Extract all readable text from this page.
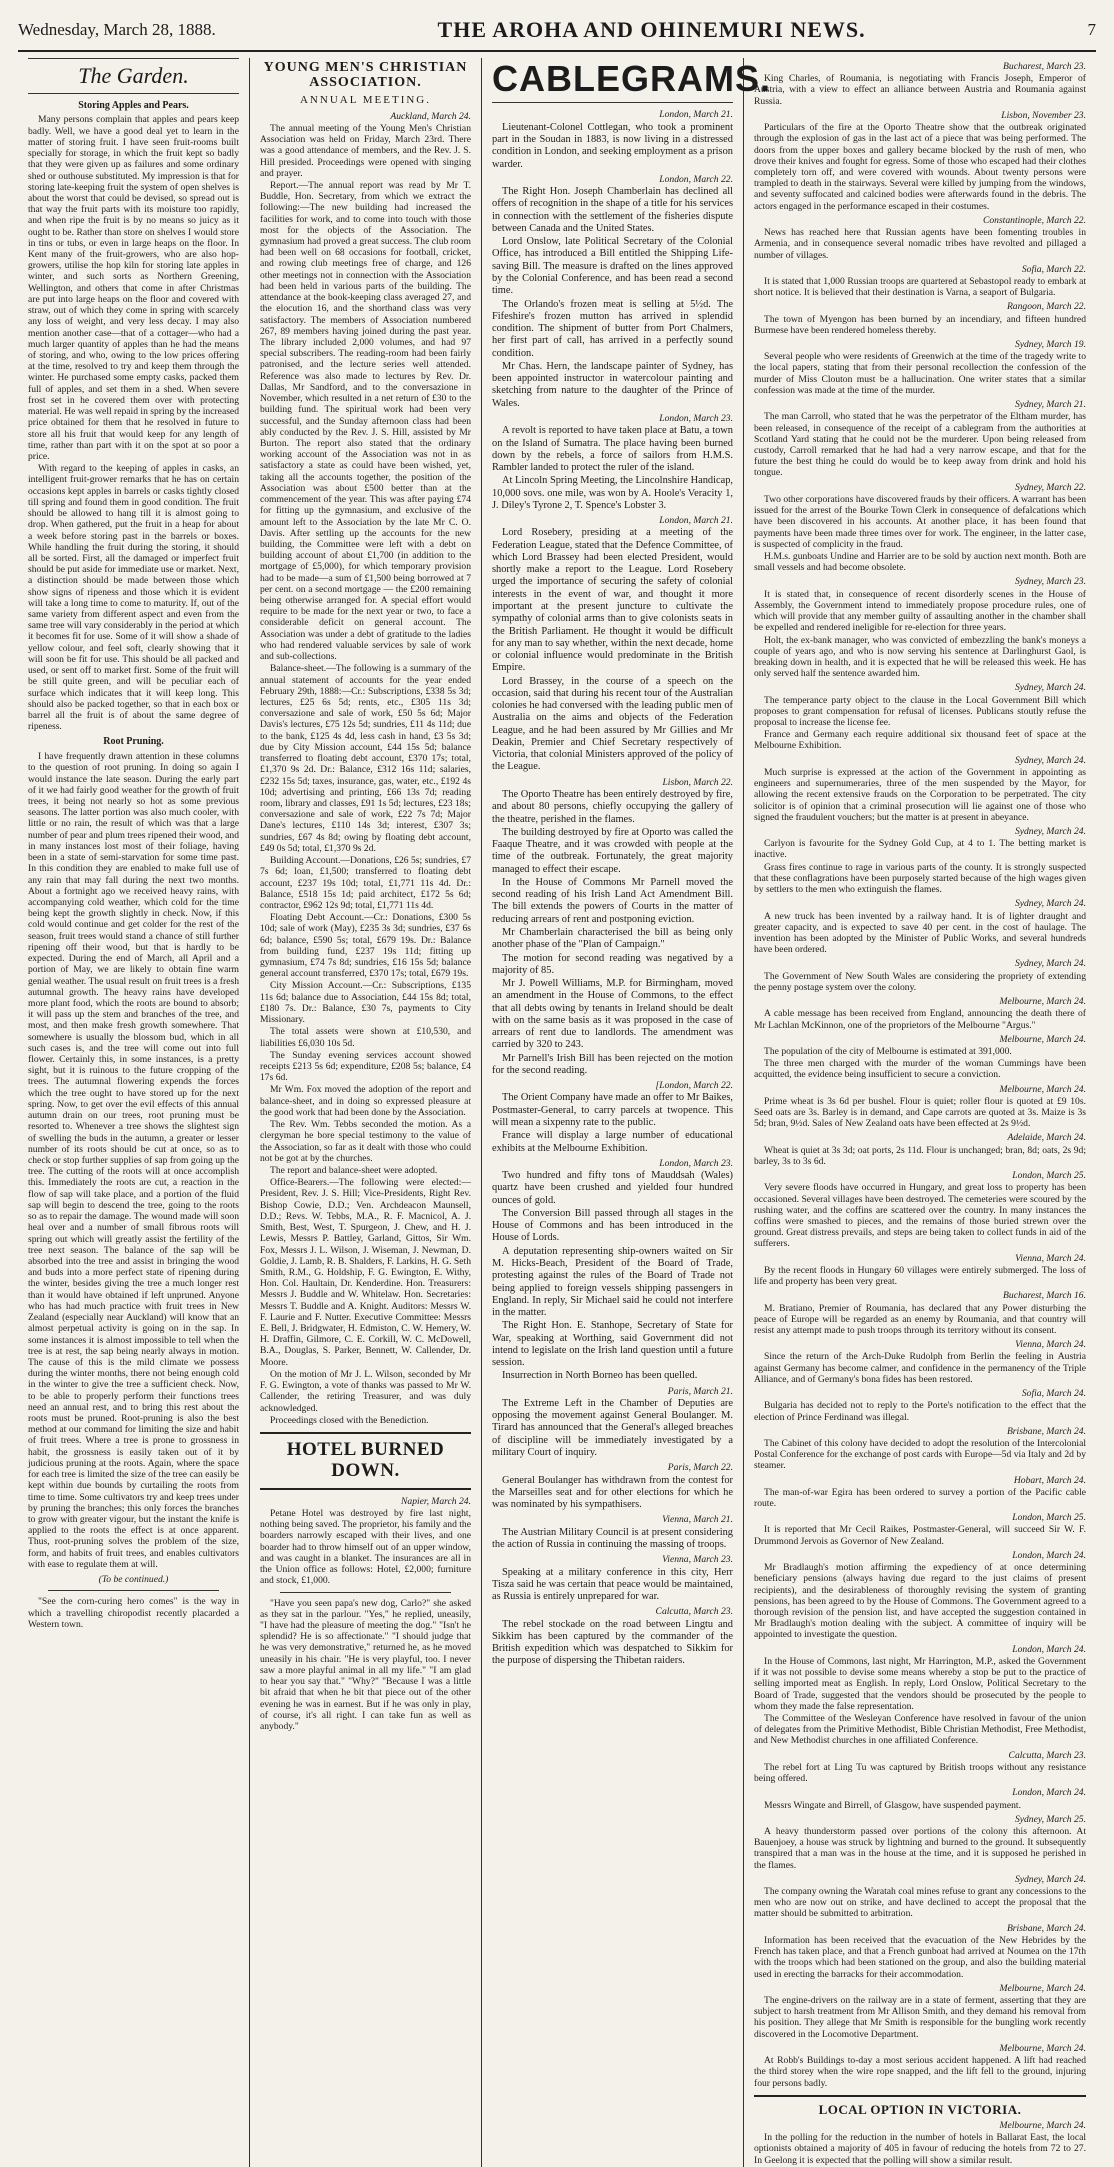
Wednesday, March 28, 1888.	THE AROHA AND OHINEMURI NEWS.	7
The Garden.
Storing Apples and Pears.

Many persons complain that apples and pears keep badly. Well, we have a good deal yet to learn in the matter of storing fruit. I have seen fruit-rooms built specially for storage, in which the fruit kept so badly that they were given up as failures and some ordinary shed or outhouse substituted. My impression is that for storing late-keeping fruit the system of open shelves is about the worst that could be devised, so spread out is that way the fruit parts with its moisture too rapidly, and when ripe the fruit is by no means so juicy as it ought to be. Rather than store on shelves I would store in tins or tubs, or even in large heaps on the floor. In Kent many of the fruit-growers, who are also hop-growers, utilise the hop kiln for storing late apples in winter, and such sorts as Northern Greening, Wellington, and others that come in after Christmas are put into large heaps on the floor and covered with straw, out of which they come in spring with scarcely any loss of weight, and very less decay. I may also mention another case—that of a cottager—who had a much larger quantity of apples than he had the means of storing, and who, owing to the low prices offering at the time, resolved to try and keep them through the winter. He purchased some empty casks, packed them full of apples, and set them in a shed. When severe frost set in he covered them over with protecting material. He was well repaid in spring by the increased price obtained for them that he resolved in future to store all his fruit that would keep for any length of time, rather than part with it on the spot at so poor a price.

With regard to the keeping of apples in casks, an intelligent fruit-grower remarks that he has on certain occasions kept apples in barrels or casks tightly closed till spring and found them in good condition. The fruit should be allowed to hang till it is almost going to drop. When gathered, put the fruit in a heap for about a week before storing past in the barrels or boxes. While handling the fruit during the storing, it should all be sorted. First, all the damaged or imperfect fruit should be put aside for immediate use or market. Next, a distinction should be made between those which show signs of ripeness and those which it is evident will take a long time to come to maturity. If, out of the same variety from different aspect and even from the same tree will vary considerably in the period at which it becomes fit for use. Some of it will show a shade of yellow colour, and feel soft, clearly showing that it will soon be fit for use. This should be all packed and used, or sent off to market first. Some of the fruit will be still quite green, and will be peculiar each of surface which indicates that it will keep long. This should also be packed together, so that in each box or barrel all the fruit is of about the same degree of ripeness.

Root Pruning.

I have frequently drawn attention in these columns to the question of root pruning. In doing so again I would instance the late season. During the early part of it we had fairly good weather for the growth of fruit trees, it being not nearly so hot as some previous seasons. The latter portion was also much cooler, with little or no rain, the result of which was that a large number of pear and plum trees ripened their wood, and in many instances lost most of their foliage, having been in a state of semi-starvation for some time past. In this condition they are enabled to make full use of any rain that may fall during the next two months. About a fortnight ago we received heavy rains, with accompanying cold weather, which cold for the time being kept the growth slightly in check. Now, if this cold would continue and get colder for the rest of the season, fruit trees would stand a chance of still further ripening off their wood, but that is hardly to be expected. During the end of March, all April and a portion of May, we are likely to obtain fine warm genial weather. The usual result on fruit trees is a fresh autumnal growth. The heavy rains have developed more plant food, which the roots are bound to absorb; it will pass up the stem and branches of the tree, and most, and then make fresh growth somewhere. That somewhere is usually the blossom bud, which in all such cases is, and the tree will come out into full flower. Certainly this, in some instances, is a pretty sight, but it is ruinous to the future cropping of the trees. The autumnal flowering expends the forces which the tree ought to have stored up for the next spring. Now, to get over the evil effects of this annual autumn drain on our trees, root pruning must be resorted to. Whenever a tree shows the slightest sign of swelling the buds in the autumn, a greater or lesser number of its roots should be cut at once, so as to check or stop further supplies of sap from going up the tree. The cutting of the roots will at once accomplish this. Immediately the roots are cut, a reaction in the flow of sap will take place, and a portion of the fluid sap will begin to descend the tree, going to the roots so as to repair the damage. The wound made will soon heal over and a number of small fibrous roots will spring out which will greatly assist the fertility of the tree next season. The balance of the sap will be absorbed into the tree and assist in bringing the wood and buds into a more perfect state of ripening during the winter, besides giving the tree a much longer rest than it would have obtained if left unpruned. Anyone who has had much practice with fruit trees in New Zealand (especially near Auckland) will know that an almost perpetual activity is going on in the sap. In some instances it is almost impossible to tell when the tree is at rest, the sap being nearly always in motion. The cause of this is the mild climate we possess during the winter months, there not being enough cold in the winter to give the tree a sufficient check. Now, to be able to properly perform their functions trees need an annual rest, and to bring this rest about the roots must be pruned. Root-pruning is also the best method at our command for limiting the size and habit of fruit trees. Where a tree is prone to grossness in habit, the grossness is easily taken out of it by judicious pruning at the roots. Again, where the space for each tree is limited the size of the tree can easily be kept within due bounds by curtailing the roots from time to time. Some cultivators try and keep trees under by pruning the branches; this only forces the branches to grow with greater vigour, but the instant the knife is applied to the roots the effect is at once apparent. Thus, root-pruning solves the problem of the size, form, and habits of fruit trees, and enables cultivators with ease to regulate them at will.

(To be continued.)

"See the corn-curing hero comes" is the way in which a travelling chiropodist recently placarded a Western town.

YOUNG MEN'S CHRISTIAN ASSOCIATION.
ANNUAL MEETING.
Auckland, March 24.

The annual meeting of the Young Men's Christian Association was held on Friday, March 23rd. There was a good attendance of members, and the Rev. J. S. Hill presided. Proceedings were opened with singing and prayer.

Report.—The annual report was read by Mr T. Buddle, Hon. Secretary, from which we extract the following:—The new building had increased the facilities for work, and to come into touch with those most for the objects of the Association. The gymnasium had proved a great success. The club room had been well on 68 occasions for football, cricket, and rowing club meetings free of charge, and 126 other meetings not in connection with the Association had been held in various parts of the building. The attendance at the book-keeping class averaged 27, and the elocution 16, and the shorthand class was very satisfactory. The members of Association numbered 267, 89 members having joined during the past year. The library included 2,000 volumes, and had 97 special subscribers. The reading-room had been fairly patronised, and the lecture series well attended. Reference was also made to lectures by Rev. Dr. Dallas, Mr Sandford, and to the conversazione in November, which resulted in a net return of £30 to the building fund. The spiritual work had been very successful, and the Sunday afternoon class had been ably conducted by the Rev. J. S. Hill, assisted by Mr Burton. The report also stated that the ordinary working account of the Association was not in as satisfactory a state as could have been wished, yet, taking all the accounts together, the position of the Association was about £500 better than at the commencement of the year. This was after paying £74 for fitting up the gymnasium, and exclusive of the amount left to the Association by the late Mr C. O. Davis. After settling up the accounts for the new building, the Committee were left with a debt on building account of about £1,700 (in addition to the mortgage of £5,000), for which temporary provision had to be made—a sum of £1,500 being borrowed at 7 per cent. on a second mortgage — the £200 remaining being otherwise arranged for. A special effort would require to be made for the next year or two, to face a considerable deficit on general account. The Association was under a debt of gratitude to the ladies who had rendered valuable services by sale of work and sub-collections.

Balance-sheet.—The following is a summary of the annual statement of accounts for the year ended February 29th, 1888:—Cr.: Subscriptions, £338 5s 3d; lectures, £25 6s 5d; rents, etc., £305 11s 3d; conversazione and sale of work, £50 5s 6d; Major Davis's lectures, £75 12s 5d; sundries, £11 4s 11d; due to the bank, £125 4s 4d, less cash in hand, £3 5s 3d; due by City Mission account, £44 15s 5d; balance transferred to floating debt account, £370 17s; total, £1,370 9s 2d. Dr.: Balance, £312 16s 11d; salaries, £232 15s 5d; taxes, insurance, gas, water, etc., £192 4s 10d; advertising and printing, £66 13s 7d; reading room, library and classes, £91 1s 5d; lectures, £23 18s; conversazione and sale of work, £22 7s 7d; Major Dane's lectures, £110 14s 3d; interest, £307 3s; sundries, £67 4s 8d; owing by floating debt account, £49 0s 5d; total, £1,370 9s 2d.

Building Account.—Donations, £26 5s; sundries, £7 7s 6d; loan, £1,500; transferred to floating debt account, £237 19s 10d; total, £1,771 11s 4d. Dr.: Balance, £518 15s 1d; paid architect, £172 5s 6d; contractor, £962 12s 9d; total, £1,771 11s 4d.

Floating Debt Account.—Cr.: Donations, £300 5s 10d; sale of work (May), £235 3s 3d; sundries, £37 6s 6d; balance, £590 5s; total, £679 19s. Dr.: Balance from building fund, £237 19s 11d; fitting up gymnasium, £74 7s 8d; sundries, £16 15s 5d; balance general account transferred, £370 17s; total, £679 19s.

City Mission Account.—Cr.: Subscriptions, £135 11s 6d; balance due to Association, £44 15s 8d; total, £180 7s. Dr.: Balance, £30 7s, payments to City Missionary.

The total assets were shown at £10,530, and liabilities £6,030 10s 5d.

The Sunday evening services account showed receipts £213 5s 6d; expenditure, £208 5s; balance, £4 17s 6d.

Mr Wm. Fox moved the adoption of the report and balance-sheet, and in doing so expressed pleasure at the good work that had been done by the Association.

The Rev. Wm. Tebbs seconded the motion. As a clergyman he bore special testimony to the value of the Association, so far as it dealt with those who could not be got at by the churches.

The report and balance-sheet were adopted.

Office-Bearers.—The following were elected:—President, Rev. J. S. Hill; Vice-Presidents, Right Rev. Bishop Cowie, D.D.; Ven. Archdeacon Maunsell, D.D.; Revs. W. Tebbs, M.A., R. F. Macnicol, A. J. Smith, Best, West, T. Spurgeon, J. Chew, and H. J. Lewis, Messrs P. Battley, Garland, Gittos, Sir Wm. Fox, Messrs J. L. Wilson, J. Wiseman, J. Newman, D. Goldie, J. Lamb, R. B. Shalders, F. Larkins, H. G. Seth Smith, R.M., G. Holdship, F. G. Ewington, E. Withy, Hon. Col. Haultain, Dr. Kenderdine. Hon. Treasurers: Messrs J. Buddle and W. Whitelaw. Hon. Secretaries: Messrs T. Buddle and A. Knight. Auditors: Messrs W. F. Laurie and F. Nutter. Executive Committee: Messrs E. Bell, J. Bridgwater, H. Edmiston, C. W. Hemery, W. H. Draffin, Gilmore, C. E. Corkill, W. C. McDowell, B.A., Douglas, S. Parker, Bennett, W. Callender, Dr. Moore.

On the motion of Mr J. L. Wilson, seconded by Mr F. G. Ewington, a vote of thanks was passed to Mr W. Callender, the retiring Treasurer, and was duly acknowledged.

Proceedings closed with the Benediction.

HOTEL BURNED DOWN.
Napier, March 24.

Petane Hotel was destroyed by fire last night, nothing being saved. The proprietor, his family and the boarders narrowly escaped with their lives, and one boarder had to throw himself out of an upper window, and was caught in a blanket. The insurances are all in the Union office as follows: Hotel, £2,000; furniture and stock, £1,000.

"Have you seen papa's new dog, Carlo?" she asked as they sat in the parlour. "Yes," he replied, uneasily, "I have had the pleasure of meeting the dog." "Isn't he splendid? He is so affectionate." "I should judge that he was very demonstrative," returned he, as he moved uneasily in his chair. "He is very playful, too. I never saw a more playful animal in all my life." "I am glad to hear you say that." "Why?" "Because I was a little bit afraid that when he bit that piece out of the other evening he was in earnest. But if he was only in play, of course, it's all right. I can take fun as well as anybody."

CABLEGRAMS.
London, March 21.

Lieutenant-Colonel Cottlegan, who took a prominent part in the Soudan in 1883, is now living in a distressed condition in London, and seeking employment as a prison warder.

London, March 22.

The Right Hon. Joseph Chamberlain has declined all offers of recognition in the shape of a title for his services in connection with the settlement of the fisheries dispute between Canada and the United States.

Lord Onslow, late Political Secretary of the Colonial Office, has introduced a Bill entitled the Shipping Life-saving Bill. The measure is drafted on the lines approved by the Colonial Conference, and has been read a second time.

The Orlando's frozen meat is selling at 5½d. The Fifeshire's frozen mutton has arrived in splendid condition. The shipment of butter from Port Chalmers, her first part of call, has arrived in a perfectly sound condition.

Mr Chas. Hern, the landscape painter of Sydney, has been appointed instructor in watercolour painting and sketching from nature to the daughter of the Prince of Wales.

London, March 23.

A revolt is reported to have taken place at Batu, a town on the Island of Sumatra. The place having been burned down by the rebels, a force of sailors from H.M.S. Rambler landed to protect the ruler of the island.

At Lincoln Spring Meeting, the Lincolnshire Handicap, 10,000 sovs. one mile, was won by A. Hoole's Veracity 1, J. Diley's Tyrone 2, T. Spence's Lobster 3.

London, March 21.

Lord Rosebery, presiding at a meeting of the Federation League, stated that the Defence Committee, of which Lord Brassey had been elected President, would shortly make a report to the League. Lord Rosebery urged the importance of securing the safety of colonial interests in the event of war, and thought it more important at the present juncture to cultivate the sympathy of colonial arms than to give colonists seats in the British Parliament. He thought it would be difficult for any man to say whether, within the next decade, home or colonial influence would predominate in the British Empire.

Lord Brassey, in the course of a speech on the occasion, said that during his recent tour of the Australian colonies he had conversed with the leading public men of Australia on the aims and objects of the Federation League, and he had been assured by Mr Gillies and Mr Deakin, Premier and Chief Secretary respectively of Victoria, that colonial Ministers approved of the policy of the League.

Lisbon, March 22.

The Oporto Theatre has been entirely destroyed by fire, and about 80 persons, chiefly occupying the gallery of the theatre, perished in the flames.

The building destroyed by fire at Oporto was called the Faaque Theatre, and it was crowded with people at the time of the outbreak. Fortunately, the great majority managed to effect their escape.

In the House of Commons Mr Parnell moved the second reading of his Irish Land Act Amendment Bill. The bill extends the powers of Courts in the matter of reducing arrears of rent and postponing eviction.

Mr Chamberlain characterised the bill as being only another phase of the "Plan of Campaign."

The motion for second reading was negatived by a majority of 85.

Mr J. Powell Williams, M.P. for Birmingham, moved an amendment in the House of Commons, to the effect that all debts owing by tenants in Ireland should be dealt with on the same basis as it was proposed in the case of arrears of rent due to landlords. The amendment was carried by 320 to 243.

Mr Parnell's Irish Bill has been rejected on the motion for the second reading.

[London, March 22.

The Orient Company have made an offer to Mr Baikes, Postmaster-General, to carry parcels at twopence. This will mean a sixpenny rate to the public.

France will display a large number of educational exhibits at the Melbourne Exhibition.

London, March 23.

Two hundred and fifty tons of Mauddsah (Wales) quartz have been crushed and yielded four hundred ounces of gold.

The Conversion Bill passed through all stages in the House of Commons and has been introduced in the House of Lords.

A deputation representing ship-owners waited on Sir M. Hicks-Beach, President of the Board of Trade, protesting against the rules of the Board of Trade not being applied to foreign vessels shipping passengers in England. In reply, Sir Michael said he could not interfere in the matter.

The Right Hon. E. Stanhope, Secretary of State for War, speaking at Worthing, said Government did not intend to legislate on the Irish land question until a future session.

Insurrection in North Borneo has been quelled.

Paris, March 21.

The Extreme Left in the Chamber of Deputies are opposing the movement against General Boulanger. M. Tirard has announced that the General's alleged breaches of discipline will be immediately investigated by a military Court of inquiry.

Paris, March 22.

General Boulanger has withdrawn from the contest for the Marseilles seat and for other elections for which he was nominated by his sympathisers.

Vienna, March 21.

The Austrian Military Council is at present considering the action of Russia in continuing the massing of troops.

Vienna, March 23.

Speaking at a military conference in this city, Herr Tisza said he was certain that peace would be maintained, as Russia is entirely unprepared for war.

Calcutta, March 23.

The rebel stockade on the road between Lingtu and Sikkim has been captured by the commander of the British expedition which was despatched to Sikkim for the purpose of dispersing the Thibetan raiders.

Bucharest, March 23.

King Charles, of Roumania, is negotiating with Francis Joseph, Emperor of Austria, with a view to effect an alliance between Austria and Roumania against Russia.

Lisbon, November 23.

Particulars of the fire at the Oporto Theatre show that the outbreak originated through the explosion of gas in the last act of a piece that was being performed. The doors from the upper boxes and gallery became blocked by the rush of men, who drove their knives and fought for egress. Some of those who escaped had their clothes completely torn off, and were covered with wounds. About twenty persons were trampled to death in the stairways. Several were killed by jumping from the windows, and seventy suffocated and calcined bodies were afterwards found in the debris. The actors engaged in the performance escaped in their costumes.

Constantinople, March 22.

News has reached here that Russian agents have been fomenting troubles in Armenia, and in consequence several nomadic tribes have revolted and pillaged a number of villages.

Sofia, March 22.

It is stated that 1,000 Russian troops are quartered at Sebastopol ready to embark at short notice. It is believed that their destination is Varna, a seaport of Bulgaria.

Rangoon, March 22.

The town of Myengon has been burned by an incendiary, and fifteen hundred Burmese have been rendered homeless thereby.

Sydney, March 19.

Several people who were residents of Greenwich at the time of the tragedy write to the local papers, stating that from their personal recollection the confession of the murder of Miss Clouton must be a hallucination. One writer states that a similar confession was made at the time of the murder.

Sydney, March 21.

The man Carroll, who stated that he was the perpetrator of the Eltham murder, has been released, in consequence of the receipt of a cablegram from the authorities at Scotland Yard stating that he could not be the murderer. Upon being released from custody, Carroll remarked that he had had a very narrow escape, and that for the future the best thing he could do would be to keep away from drink and hold his tongue.

Sydney, March 22.

Two other corporations have discovered frauds by their officers. A warrant has been issued for the arrest of the Bourke Town Clerk in consequence of defalcations which have been discovered in his accounts. At another place, it has been found that payments have been made three times over for work. The engineer, in the latter case, is suspected of complicity in the fraud.

H.M.s. gunboats Undine and Harrier are to be sold by auction next month. Both are small vessels and had become obsolete.

Sydney, March 23.

It is stated that, in consequence of recent disorderly scenes in the House of Assembly, the Government intend to immediately propose procedure rules, one of which will provide that any member guilty of assaulting another in the chamber shall be expelled and rendered ineligible for re-election for three years.

Holt, the ex-bank manager, who was convicted of embezzling the bank's moneys a couple of years ago, and who is now serving his sentence at Darlinghurst Gaol, is breaking down in health, and it is expected that he will be released this week. He has only served half the sentence awarded him.

Sydney, March 24.

The temperance party object to the clause in the Local Government Bill which proposes to grant compensation for refusal of licenses. Publicans stoutly refuse the proposal to increase the license fee.

France and Germany each require additional six thousand feet of space at the Melbourne Exhibition.

Sydney, March 24.

Much surprise is expressed at the action of the Government in appointing as engineers and supernumeraries, three of the men suspended by the Mayor, for allowing the recent extensive frauds on the Corporation to be perpetrated. The city solicitor is of opinion that a criminal prosecution will lie against one of those who signed the fraudulent vouchers; but the matter is at present in abeyance.

Sydney, March 24.

Carlyon is favourite for the Sydney Gold Cup, at 4 to 1. The betting market is inactive.

Grass fires continue to rage in various parts of the county. It is strongly suspected that these conflagrations have been purposely started because of the high wages given by settlers to the men who extinguish the flames.

Sydney, March 24.

A new truck has been invented by a railway hand. It is of lighter draught and greater capacity, and is expected to save 40 per cent. in the cost of haulage. The invention has been adopted by the Minister of Public Works, and several hundreds have been ordered.

Sydney, March 24.

The Government of New South Wales are considering the propriety of extending the penny postage system over the colony.

Melbourne, March 24.

A cable message has been received from England, announcing the death there of Mr Lachlan McKinnon, one of the proprietors of the Melbourne "Argus."

Melbourne, March 24.

The population of the city of Melbourne is estimated at 391,000.

The three men charged with the murder of the woman Cummings have been acquitted, the evidence being insufficient to secure a conviction.

Melbourne, March 24.

Prime wheat is 3s 6d per bushel. Flour is quiet; roller flour is quoted at £9 10s. Seed oats are 3s. Barley is in demand, and Cape carrots are quoted at 3s. Maize is 3s 5d; bran, 9½d. Sales of New Zealand oats have been effected at 2s 9½d.

Adelaide, March 24.

Wheat is quiet at 3s 3d; oat ports, 2s 11d. Flour is unchanged; bran, 8d; oats, 2s 9d; barley, 3s to 3s 6d.

London, March 25.

Very severe floods have occurred in Hungary, and great loss to property has been occasioned. Several villages have been destroyed. The cemeteries were scoured by the rushing water, and the coffins are scattered over the country. In many instances the coffins were smashed to pieces, and the remains of those buried strewn over the ground. Great distress prevails, and steps are being taken to collect funds in aid of the sufferers.

Vienna, March 24.

By the recent floods in Hungary 60 villages were entirely submerged. The loss of life and property has been very great.

Bucharest, March 16.

M. Bratiano, Premier of Roumania, has declared that any Power disturbing the peace of Europe will be regarded as an enemy by Roumania, and that country will resist any attempt made to push troops through its territory without its consent.

Vienna, March 24.

Since the return of the Arch-Duke Rudolph from Berlin the feeling in Austria against Germany has become calmer, and confidence in the permanency of the Triple Alliance, and of Germany's bona fides has been restored.

Sofia, March 24.

Bulgaria has decided not to reply to the Porte's notification to the effect that the election of Prince Ferdinand was illegal.

Brisbane, March 24.

The Cabinet of this colony have decided to adopt the resolution of the Intercolonial Postal Conference for the exchange of post cards with Europe—5d via Italy and 2d by steamer.

Hobart, March 24.

The man-of-war Egira has been ordered to survey a portion of the Pacific cable route.

London, March 25.

It is reported that Mr Cecil Raikes, Postmaster-General, will succeed Sir W. F. Drummond Jervois as Governor of New Zealand.

London, March 24.

Mr Bradlaugh's motion affirming the expediency of at once determining beneficiary pensions (always having due regard to the just claims of present recipients), and the desirableness of thoroughly revising the system of granting pensions, has been agreed to by the House of Commons. The Government agreed to a thorough revision of the pension list, and have accepted the suggestion contained in Mr Bradlaugh's motion dealing with the subject. A committee of inquiry will be appointed to investigate the question.

London, March 24.

In the House of Commons, last night, Mr Harrington, M.P., asked the Government if it was not possible to devise some means whereby a stop be put to the practice of selling imported meat as English. In reply, Lord Onslow, Political Secretary to the Board of Trade, suggested that the vendors should be prosecuted by the people to whom they made the false representation.

The Committee of the Wesleyan Conference have resolved in favour of the union of delegates from the Primitive Methodist, Bible Christian Methodist, Free Methodist, and New Methodist churches in one affiliated Conference.

Calcutta, March 23.

The rebel fort at Ling Tu was captured by British troops without any resistance being offered.

London, March 24.

Messrs Wingate and Birrell, of Glasgow, have suspended payment.

Sydney, March 25.

A heavy thunderstorm passed over portions of the colony this afternoon. At Bauenjoey, a house was struck by lightning and burned to the ground. It subsequently transpired that a man was in the house at the time, and it is supposed he perished in the flames.

Sydney, March 24.

The company owning the Waratah coal mines refuse to grant any concessions to the men who are now out on strike, and have declined to accept the proposal that the matter should be submitted to arbitration.

Brisbane, March 24.

Information has been received that the evacuation of the New Hebrides by the French has taken place, and that a French gunboat had arrived at Noumea on the 17th with the troops which had been stationed on the group, and also the building material used in erecting the barracks for their accommodation.

Melbourne, March 24.

The engine-drivers on the railway are in a state of ferment, asserting that they are subject to harsh treatment from Mr Allison Smith, and they demand his removal from his position. They allege that Mr Smith is responsible for the bungling work recently discovered in the Locomotive Department.

Melbourne, March 24.

At Robb's Buildings to-day a most serious accident happened. A lift had reached the third storey when the wire rope snapped, and the lift fell to the ground, injuring four persons badly.

LOCAL OPTION IN VICTORIA.
Melbourne, March 24.

In the polling for the reduction in the number of hotels in Ballarat East, the local optionists obtained a majority of 405 in favour of reducing the hotels from 72 to 27. In Geelong it is expected that the polling will show a similar result.
